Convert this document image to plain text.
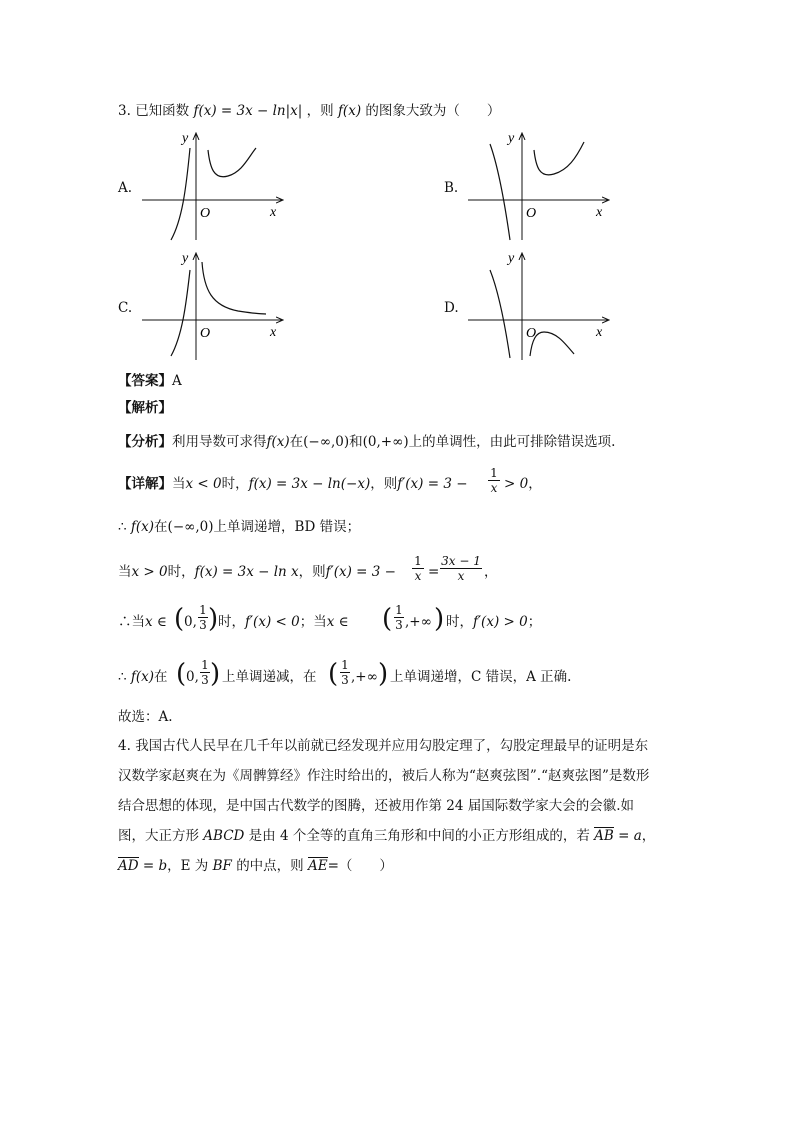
3. 已知函数 f(x) = 3x − ln|x| ，则 f(x) 的图象大致为（　　）
A.
y
x
O
B.
y
x
O
C.
y
x
O
D.
y
x
O
【答案】A
【解析】
【分析】利用导数可求得f(x)在(−∞,0)和(0,+∞)上的单调性，由此可排除错误选项.
【详解】当x < 0时，f(x) = 3x − ln(−x)，则$f'(x) = 3 - \frac{1}{x} > 0$，
∴ f(x)在(−∞,0)上单调递增，BD 错误；
当x > 0时，f(x) = 3x − ln x，则$f'(x) = 3 - \frac{1}{x} = \frac{3x - 1}{x}$ ，
∴当x ∈ ( 0, $\frac{1}{3}$ ) 时，f′(x) < 0；当x ∈ ( $\frac{1}{3}$ ,+∞ ) 时，f′(x) > 0；
∴ f(x)在 ( 0, $\frac{1}{3}$ ) 上单调递减，在 ( $\frac{1}{3}$ ,+∞ ) 上单调递增，C 错误，A 正确.
故选：A.
4. 我国古代人民早在几千年以前就已经发现并应用勾股定理了，勾股定理最早的证明是东
汉数学家赵爽在为《周髀算经》作注时给出的，被后人称为“赵爽弦图”.“赵爽弦图”是数形
结合思想的体现，是中国古代数学的图腾，还被用作第 24 届国际数学家大会的会徽.如
图，大正方形 ABCD 是由 4 个全等的直角三角形和中间的小正方形组成的，若 AB = a，
AD = b，E 为 BF 的中点，则 AE=（　　）
